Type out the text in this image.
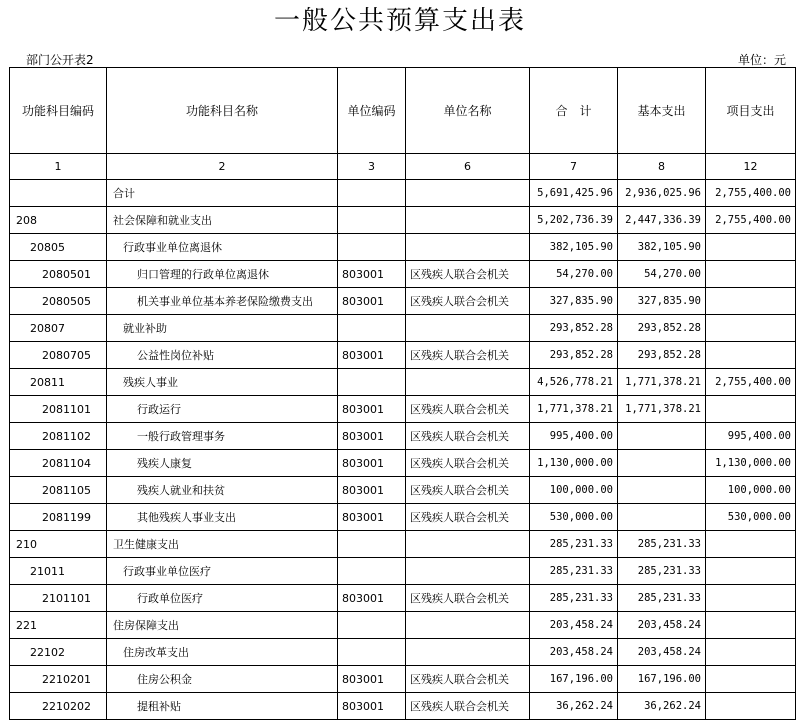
一般公共预算支出表
部门公开表2	单位：元
功能科目编码	功能科目名称	单位编码	单位名称	合　计	基本支出	项目支出
1	2	3	6	7	8	12
	合计			5,691,425.96	2,936,025.96	2,755,400.00
208	社会保障和就业支出			5,202,736.39	2,447,336.39	2,755,400.00
20805	行政事业单位离退休			382,105.90	382,105.90	
2080501	归口管理的行政单位离退休	803001	区残疾人联合会机关	54,270.00	54,270.00	
2080505	机关事业单位基本养老保险缴费支出	803001	区残疾人联合会机关	327,835.90	327,835.90	
20807	就业补助			293,852.28	293,852.28	
2080705	公益性岗位补贴	803001	区残疾人联合会机关	293,852.28	293,852.28	
20811	残疾人事业			4,526,778.21	1,771,378.21	2,755,400.00
2081101	行政运行	803001	区残疾人联合会机关	1,771,378.21	1,771,378.21	
2081102	一般行政管理事务	803001	区残疾人联合会机关	995,400.00		995,400.00
2081104	残疾人康复	803001	区残疾人联合会机关	1,130,000.00		1,130,000.00
2081105	残疾人就业和扶贫	803001	区残疾人联合会机关	100,000.00		100,000.00
2081199	其他残疾人事业支出	803001	区残疾人联合会机关	530,000.00		530,000.00
210	卫生健康支出			285,231.33	285,231.33	
21011	行政事业单位医疗			285,231.33	285,231.33	
2101101	行政单位医疗	803001	区残疾人联合会机关	285,231.33	285,231.33	
221	住房保障支出			203,458.24	203,458.24	
22102	住房改革支出			203,458.24	203,458.24	
2210201	住房公积金	803001	区残疾人联合会机关	167,196.00	167,196.00	
2210202	提租补贴	803001	区残疾人联合会机关	36,262.24	36,262.24	
